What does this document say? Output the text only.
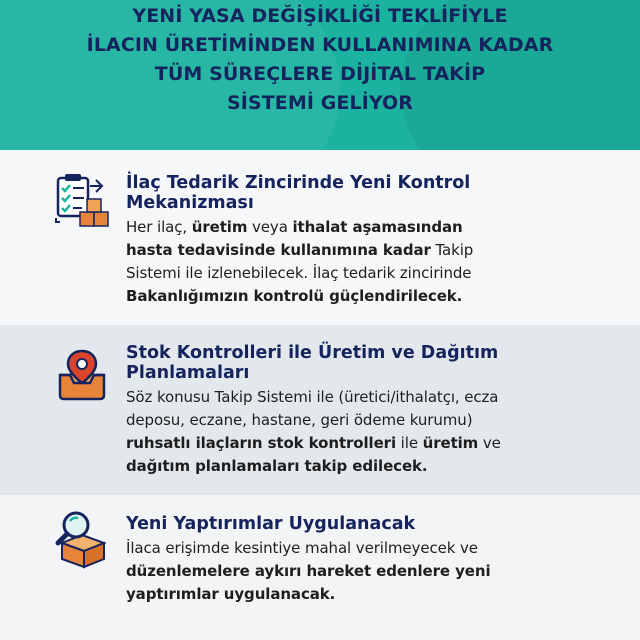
YENİ YASA DEĞİŞİKLİĞİ TEKLİFİYLE
İLACIN ÜRETİMİNDEN KULLANIMINA KADAR
TÜM SÜREÇLERE DİJİTAL TAKİP
SİSTEMİ GELİYOR
İlaç Tedarik Zincirinde Yeni Kontrol
Mekanizması
Her ilaç, üretim veya ithalat aşamasından
hasta tedavisinde kullanımına kadar Takip
Sistemi ile izlenebilecek. İlaç tedarik zincirinde
Bakanlığımızın kontrolü güçlendirilecek.
Stok Kontrolleri ile Üretim ve Dağıtım
Planlamaları
Söz konusu Takip Sistemi ile (üretici/ithalatçı, ecza
deposu, eczane, hastane, geri ödeme kurumu)
ruhsatlı ilaçların stok kontrolleri ile üretim ve
dağıtım planlamaları takip edilecek.
Yeni Yaptırımlar Uygulanacak
İlaca erişimde kesintiye mahal verilmeyecek ve
düzenlemelere aykırı hareket edenlere yeni
yaptırımlar uygulanacak.
